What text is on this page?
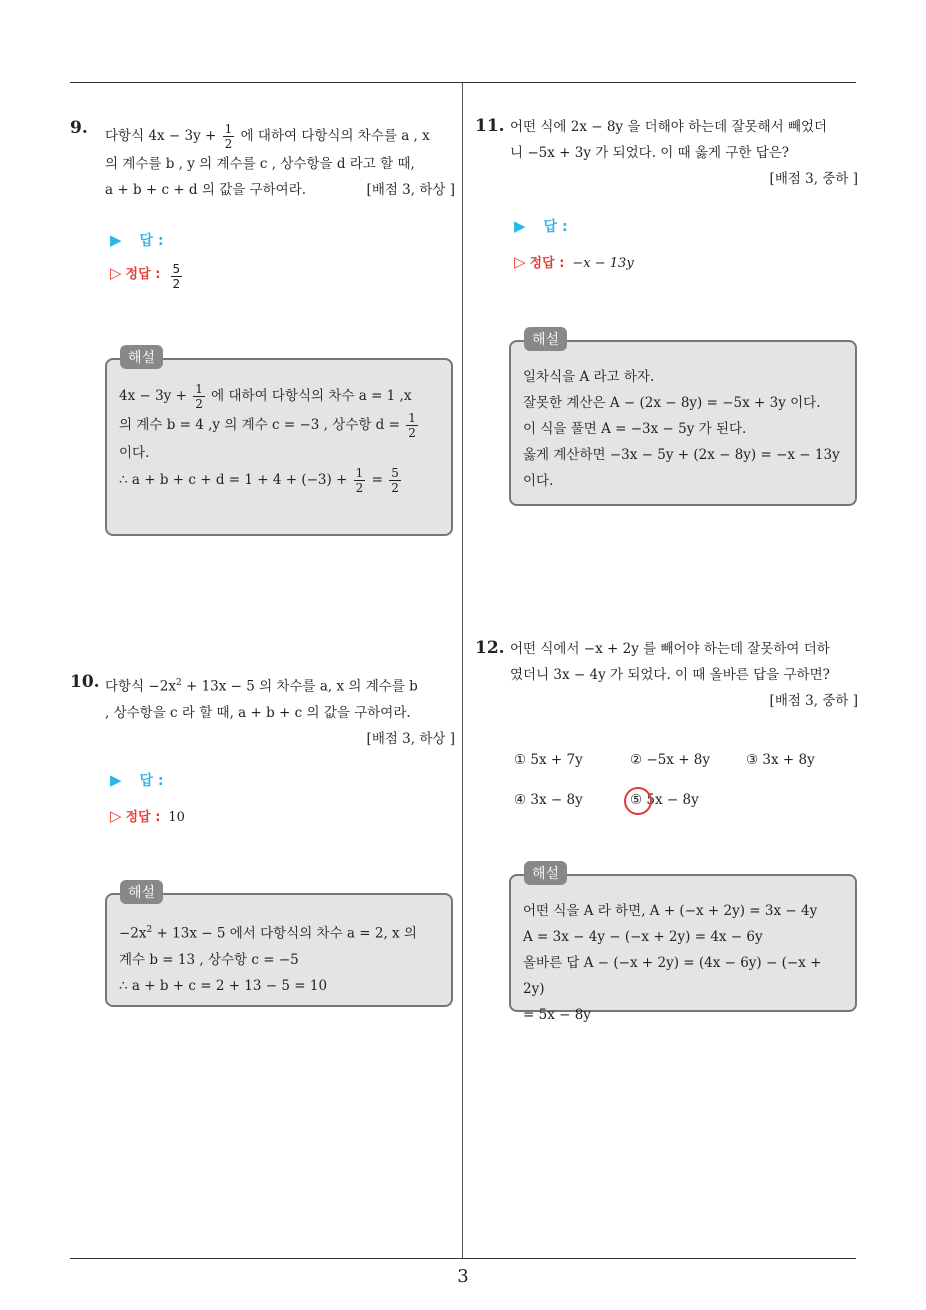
9. 다항식 $4x - 3y + \frac{1}{2}$ 에 대하여 다항식의 차수를 a , x

의 계수를 b , y 의 계수를 c , 상수항을 d 라고 할 때,

a + b + c + d 의 값을 구하여라.	[배점 3, 하상 ]

▶ 답 :
▷ 정답 : $\frac{5}{2}$

$4x - 3y + \frac{1}{2}$ 에 대하여 다항식의 차수 a = 1 ,x

의 계수 b = 4 ,y 의 계수 c = −3 , 상수항 $d = \frac{1}{2}$

이다.

∴ $a + b + c + d = 1 + 4 + (-3) + \frac{1}{2} = \frac{5}{2}$

해설
10. 다항식 $-2x^2 + 13x - 5$ 의 차수를 a, x 의 계수를 b

, 상수항을 c 라 할 때, a + b + c 의 값을 구하여라.

[배점 3, 하상 ]

▶ 답 :
▷ 정답 : 10

$-2x^2 + 13x - 5$ 에서 다항식의 차수 a = 2, x 의

계수 b = 13 , 상수항 c = −5

∴ a + b + c = 2 + 13 − 5 = 10

해설
11. 어떤 식에 2x − 8y 을 더해야 하는데 잘못해서 빼었더

니 −5x + 3y 가 되었다. 이 때 옳게 구한 답은?

[배점 3, 중하 ]

▶ 답 :
▷ 정답 : −x − 13y

일차식을 A 라고 하자.

잘못한 계산은 A − (2x − 8y) = −5x + 3y 이다.

이 식을 풀면 A = −3x − 5y 가 된다.

옳게 계산하면 −3x − 5y + (2x − 8y) = −x − 13y

이다.

해설
12. 어떤 식에서 −x + 2y 를 빼어야 하는데 잘못하여 더하

였더니 3x − 4y 가 되었다. 이 때 올바른 답을 구하면?

[배점 3, 중하 ]

① 5x + 7y	② −5x + 8y	③ 3x + 8y
④ 3x − 8y	⑤ 5x − 8y

어떤 식을 A 라 하면, A + (−x + 2y) = 3x − 4y

A = 3x − 4y − (−x + 2y) = 4x − 6y

올바른 답 A − (−x + 2y) = (4x − 6y) − (−x + 2y)

= 5x − 8y

해설
3
